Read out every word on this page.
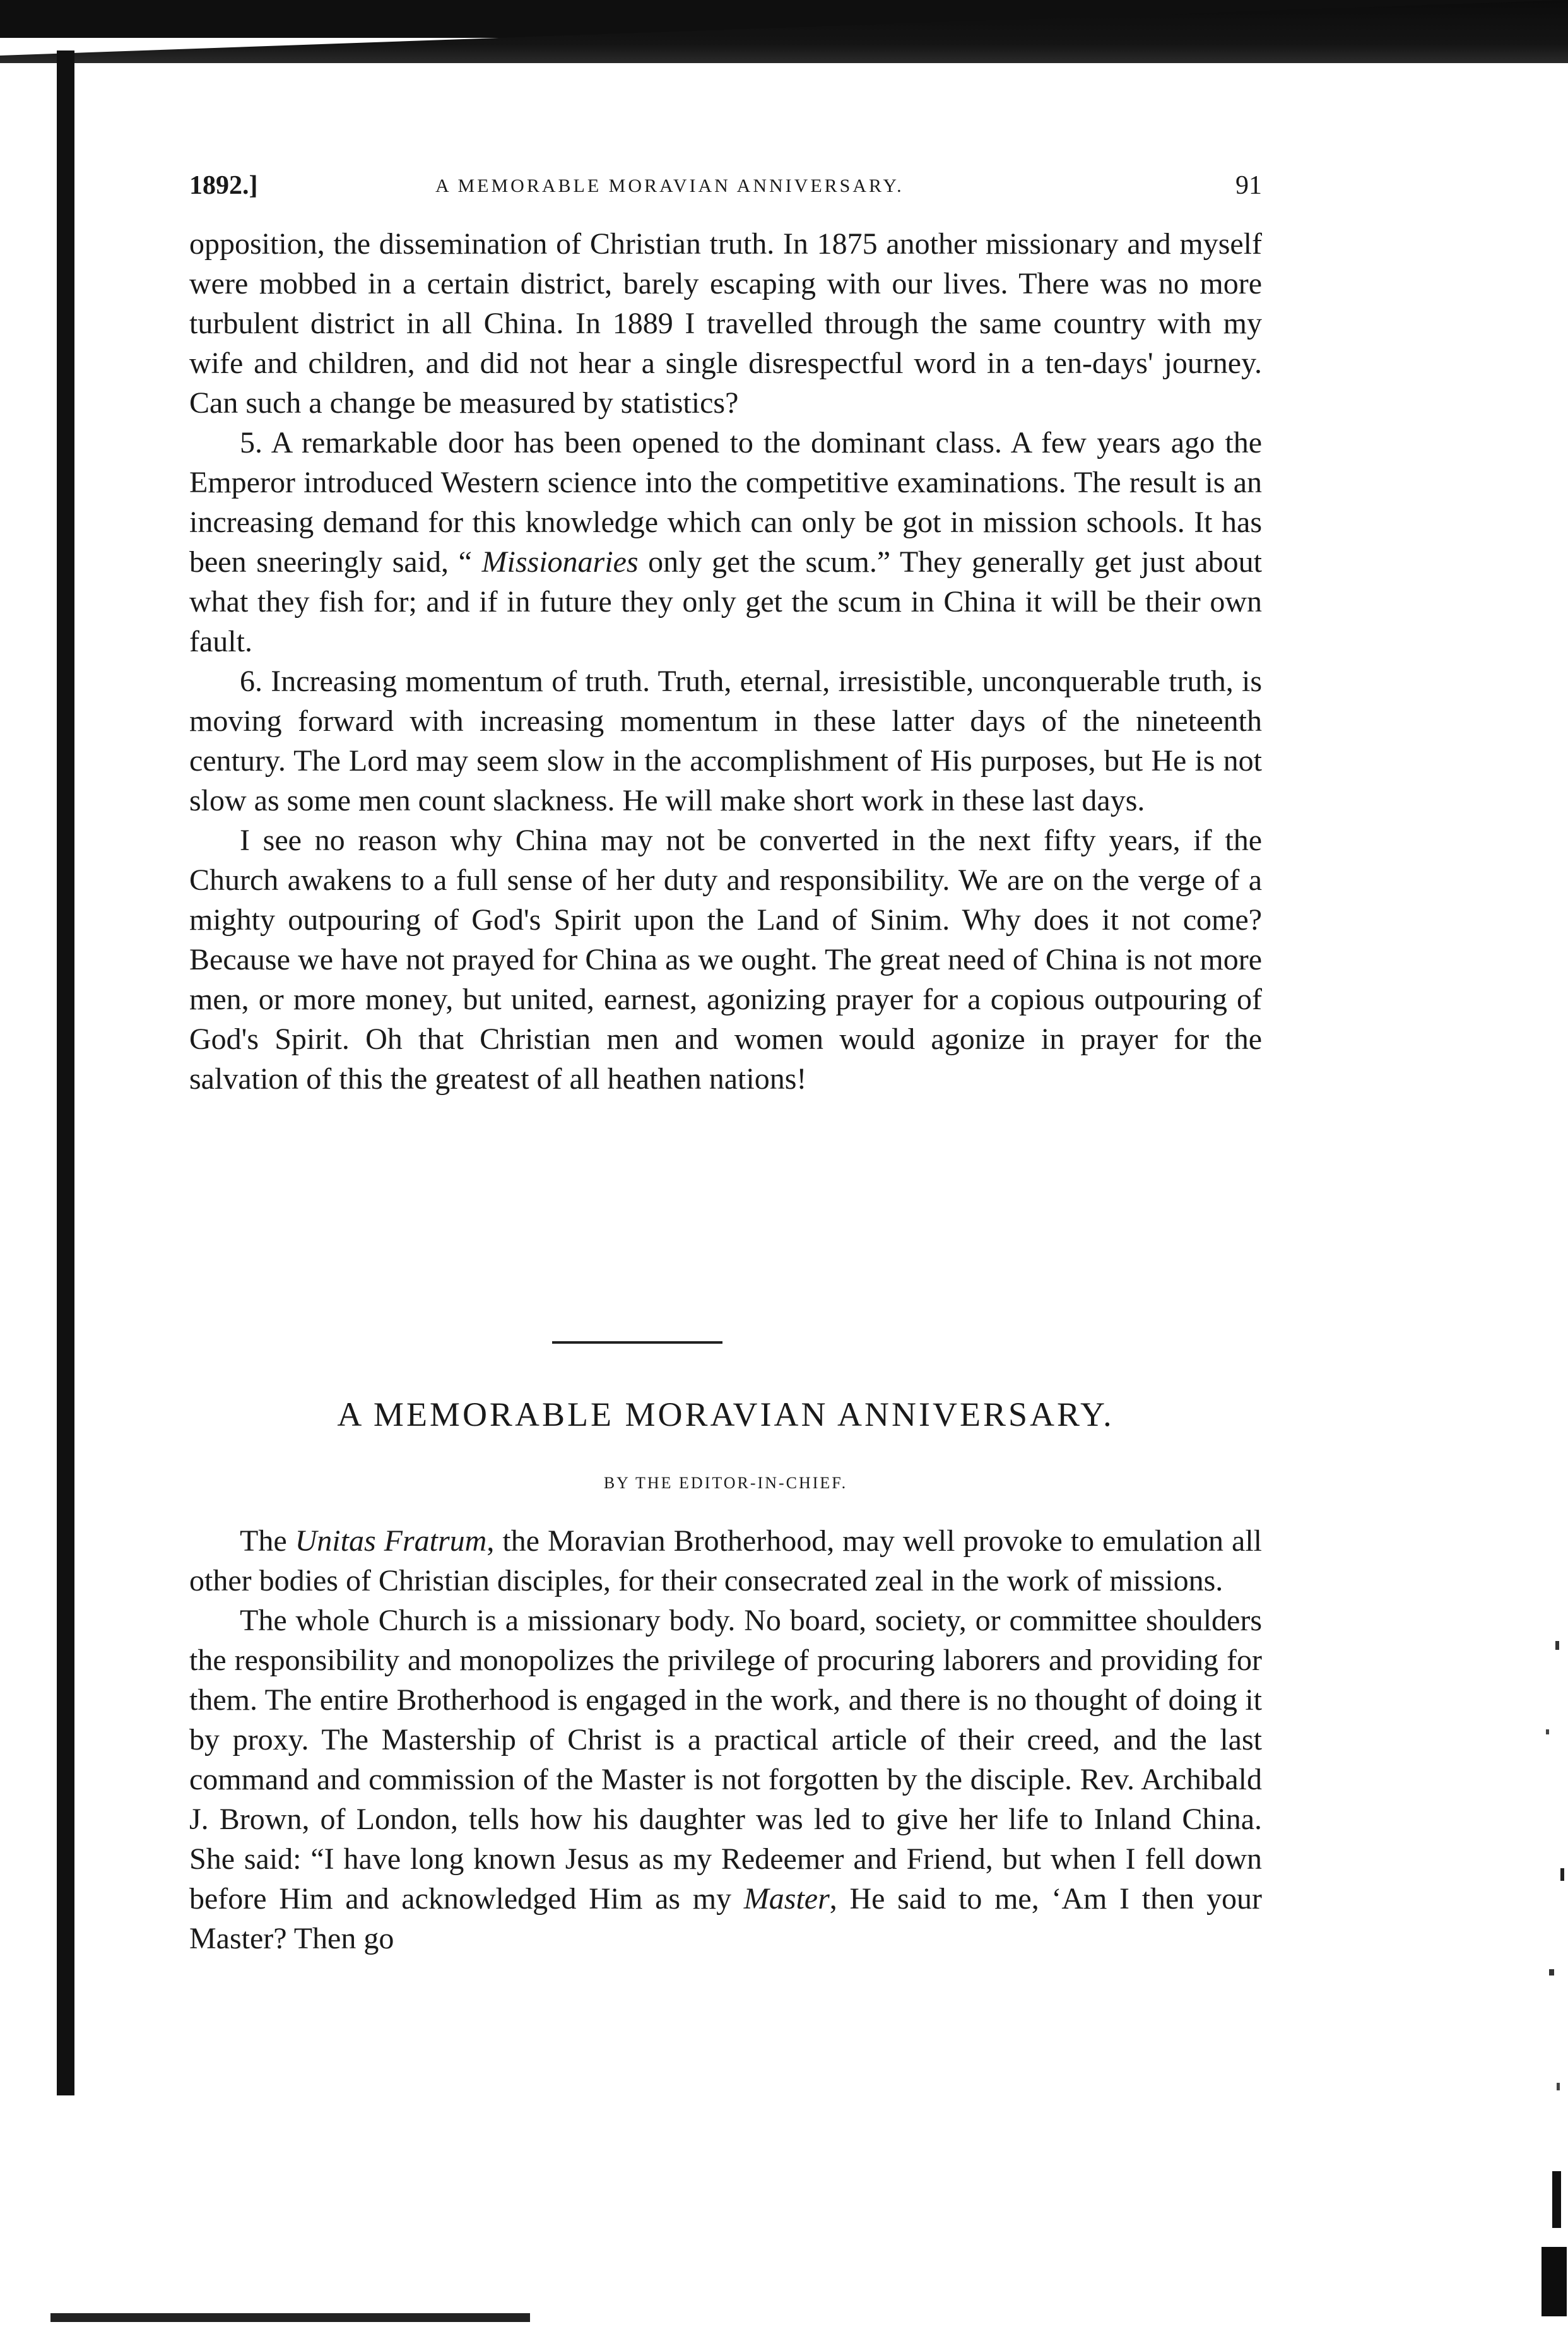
1892.]	A MEMORABLE MORAVIAN ANNIVERSARY.	91

opposition, the dissemination of Christian truth. In 1875 another missionary and myself were mobbed in a certain district, barely escaping with our lives. There was no more turbulent district in all China. In 1889 I travelled through the same country with my wife and children, and did not hear a single disrespectful word in a ten-days' journey. Can such a change be measured by statistics?

5. A remarkable door has been opened to the dominant class. A few years ago the Emperor introduced Western science into the competitive examinations. The result is an increasing demand for this knowledge which can only be got in mission schools. It has been sneeringly said, “ Missionaries only get the scum.” They generally get just about what they fish for; and if in future they only get the scum in China it will be their own fault.

6. Increasing momentum of truth. Truth, eternal, irresistible, unconquerable truth, is moving forward with increasing momentum in these latter days of the nineteenth century. The Lord may seem slow in the accomplishment of His purposes, but He is not slow as some men count slackness. He will make short work in these last days.

I see no reason why China may not be converted in the next fifty years, if the Church awakens to a full sense of her duty and responsibility. We are on the verge of a mighty outpouring of God's Spirit upon the Land of Sinim. Why does it not come? Because we have not prayed for China as we ought. The great need of China is not more men, or more money, but united, earnest, agonizing prayer for a copious outpouring of God's Spirit. Oh that Christian men and women would agonize in prayer for the salvation of this the greatest of all heathen nations!

A MEMORABLE MORAVIAN ANNIVERSARY.
BY THE EDITOR-IN-CHIEF.

The Unitas Fratrum, the Moravian Brotherhood, may well provoke to emulation all other bodies of Christian disciples, for their consecrated zeal in the work of missions.

The whole Church is a missionary body. No board, society, or committee shoulders the responsibility and monopolizes the privilege of procuring laborers and providing for them. The entire Brotherhood is engaged in the work, and there is no thought of doing it by proxy. The Mastership of Christ is a practical article of their creed, and the last command and commission of the Master is not forgotten by the disciple. Rev. Archibald J. Brown, of London, tells how his daughter was led to give her life to Inland China. She said: “I have long known Jesus as my Redeemer and Friend, but when I fell down before Him and acknowledged Him as my Master, He said to me, ‘Am I then your Master? Then go
